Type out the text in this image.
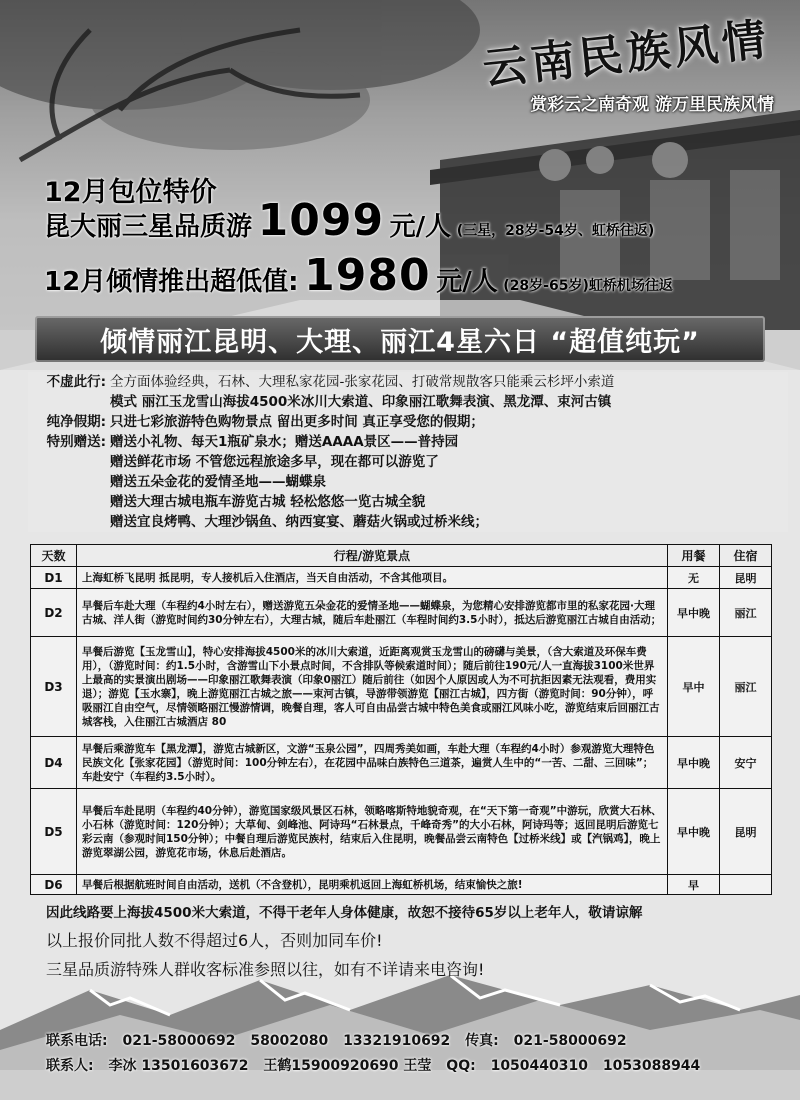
云南民族风情
赏彩云之南奇观 游万里民族风情
12月包位特价
昆大丽三星品质游 1099 元/人 (三星，28岁-54岁、虹桥往返)
12月倾情推出超低值: 1980 元/人 (28岁-65岁)虹桥机场往返
倾情丽江昆明、大理、丽江4星六日 “超值纯玩”
不虚此行: 全方面体验经典，石林、大理私家花园-张家花园、打破常规散客只能乘云杉坪小索道
模式 丽江玉龙雪山海拔4500米冰川大索道、印象丽江歌舞表演、黑龙潭、束河古镇
纯净假期: 只进七彩旅游特色购物景点 留出更多时间 真正享受您的假期；
特别赠送: 赠送小礼物、每天1瓶矿泉水；赠送AAAA景区——普持园
赠送鲜花市场 不管您远程旅途多早，现在都可以游览了
赠送五朵金花的爱情圣地——蝴蝶泉
赠送大理古城电瓶车游览古城 轻松悠悠一览古城全貌
赠送宜良烤鸭、大理沙锅鱼、纳西宴宴、蘑菇火锅或过桥米线；
天数	行程/游览景点	用餐	住宿
D1	上海虹桥飞昆明 抵昆明，专人接机后入住酒店，当天自由活动，不含其他项目。	无	昆明
D2	早餐后车赴大理（车程约4小时左右），赠送游览五朵金花的爱情圣地——蝴蝶泉，为您精心安排游览都市里的私家花园·大理古城、洋人街（游览时间约30分钟左右），大理古城，随后车赴丽江（车程时间约3.5小时），抵达后游览丽江古城自由活动；	早中晚	丽江
D3	早餐后游览【玉龙雪山】，特心安排海拔4500米的冰川大索道，近距离观赏玉龙雪山的磅礴与美景，（含大索道及环保车费用），（游览时间：约1.5小时，含游雪山下小景点时间，不含排队等候索道时间）；随后前往190元/人一直海拔3100米世界上最高的实景演出剧场——印象丽江歌舞表演（印象0丽江）随后前往（如因个人原因或人为不可抗拒因素无法观看，费用实退）；游览【玉水寨】，晚上游览丽江古城之旅——束河古镇，导游带领游览【丽江古城】，四方街（游览时间：90分钟），呼吸丽江自由空气，尽情领略丽江慢游情调，晚餐自理，客人可自由品尝古城中特色美食或丽江风味小吃，游览结束后回丽江古城客栈，入住丽江古城酒店 80	早中	丽江
D4	早餐后乘游览车【黑龙潭】，游览古城新区，文游“玉泉公园”，四周秀美如画，车赴大理（车程约4小时）参观游览大理特色民族文化【张家花园】（游览时间：100分钟左右），在花园中品味白族特色三道茶，遍赏人生中的“一苦、二甜、三回味”；车赴安宁（车程约3.5小时）。	早中晚	安宁
D5	早餐后车赴昆明（车程约40分钟），游览国家级风景区石林，领略喀斯特地貌奇观，在“天下第一奇观”中游玩，欣赏大石林、小石林（游览时间：120分钟）；大草甸、剑峰池、阿诗玛“石林景点，千峰奇秀”的大小石林，阿诗玛等；返回昆明后游览七彩云南（参观时间150分钟）；中餐自理后游览民族村，结束后入住昆明，晚餐品尝云南特色【过桥米线】或【汽锅鸡】，晚上游览翠湖公园，游览花市场，休息后赴酒店。	早中晚	昆明
D6	早餐后根据航班时间自由活动，送机（不含登机），昆明乘机返回上海虹桥机场，结束愉快之旅!	早	
因此线路要上海拔4500米大索道，不得干老年人身体健康，故恕不接待65岁以上老年人，敬请谅解
以上报价同批人数不得超过6人，否则加同车价!
三星品质游特殊人群收客标准参照以往，如有不详请来电咨询!
联系电话: 021-58000692 58002080 13321910692 传真: 021-58000692
联系人: 李冰 13501603672 王鹤15900920690 王莹 QQ: 1050440310 1053088944
